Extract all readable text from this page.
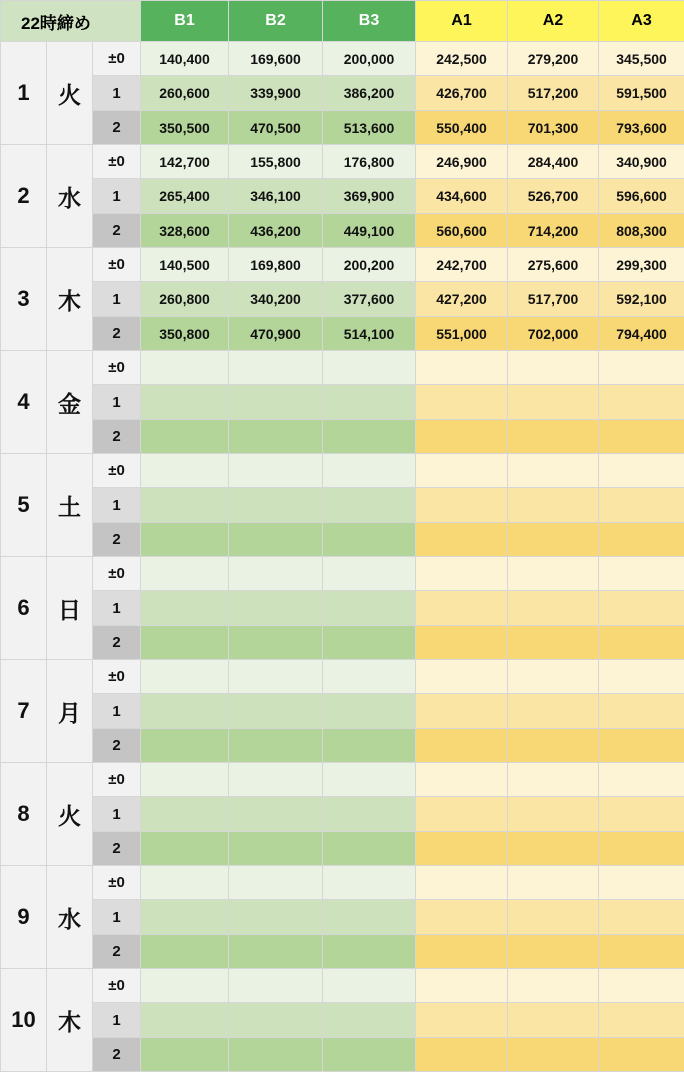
22時締め			B1	B2	B3	A1	A2	A3
1	火	±0	140,400	169,600	200,000	242,500	279,200	345,500
		1	260,600	339,900	386,200	426,700	517,200	591,500
		2	350,500	470,500	513,600	550,400	701,300	793,600
2	水	±0	142,700	155,800	176,800	246,900	284,400	340,900
		1	265,400	346,100	369,900	434,600	526,700	596,600
		2	328,600	436,200	449,100	560,600	714,200	808,300
3	木	±0	140,500	169,800	200,200	242,700	275,600	299,300
		1	260,800	340,200	377,600	427,200	517,700	592,100
		2	350,800	470,900	514,100	551,000	702,000	794,400
4	金	±0						
		1						
		2						
5	土	±0						
		1						
		2						
6	日	±0						
		1						
		2						
7	月	±0						
		1						
		2						
8	火	±0						
		1						
		2						
9	水	±0						
		1						
		2						
10	木	±0						
		1						
		2						
